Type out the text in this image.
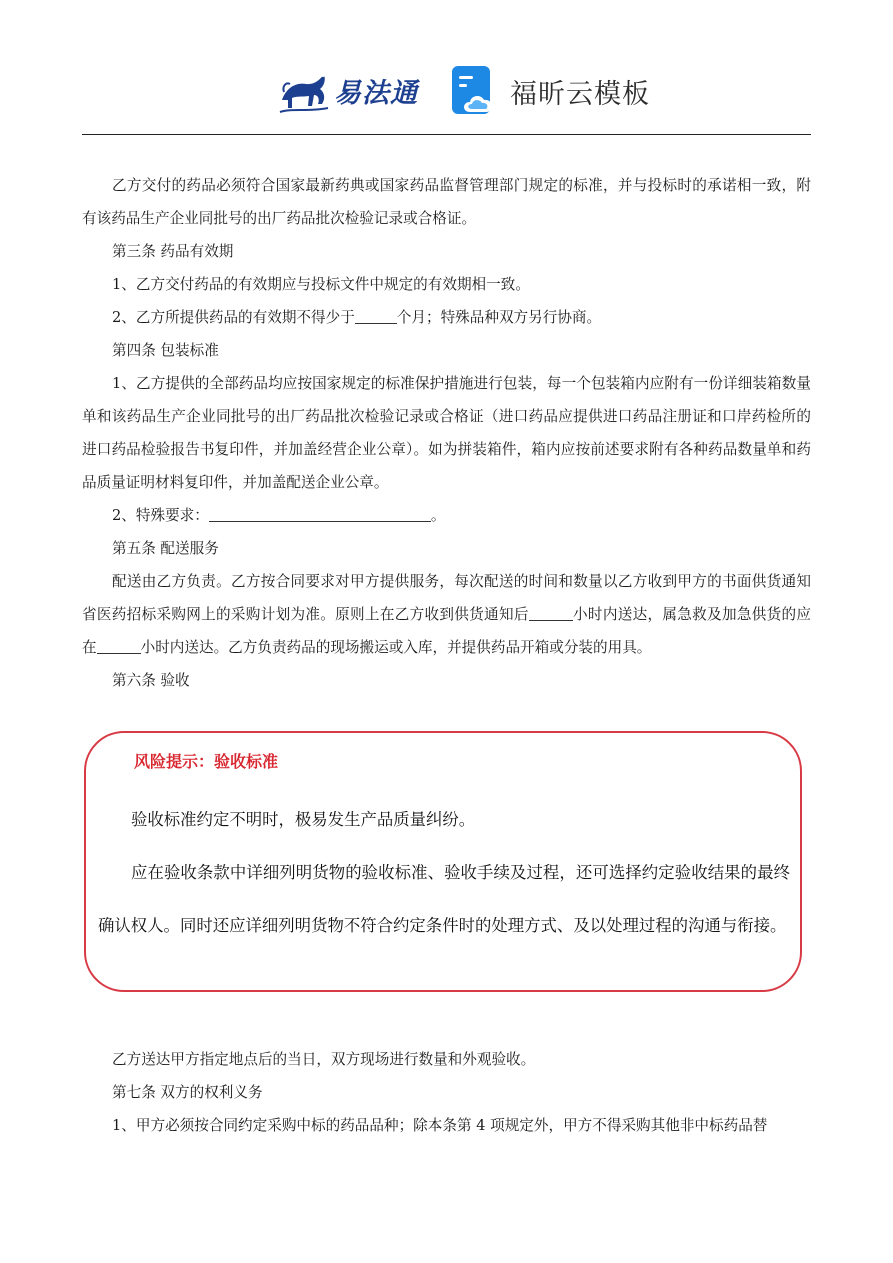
易法通	福昕云模板

乙方交付的药品必须符合国家最新药典或国家药品监督管理部门规定的标准，并与投标时的承诺相一致，附有该药品生产企业同批号的出厂药品批次检验记录或合格证。

第三条 药品有效期

1、乙方交付药品的有效期应与投标文件中规定的有效期相一致。

2、乙方所提供药品的有效期不得少于	个月；特殊品种双方另行协商。

第四条 包装标准

1、乙方提供的全部药品均应按国家规定的标准保护措施进行包装，每一个包装箱内应附有一份详细装箱数量单和该药品生产企业同批号的出厂药品批次检验记录或合格证（进口药品应提供进口药品注册证和口岸药检所的进口药品检验报告书复印件，并加盖经营企业公章）。如为拼装箱件，箱内应按前述要求附有各种药品数量单和药品质量证明材料复印件，并加盖配送企业公章。

2、特殊要求：	。

第五条 配送服务

配送由乙方负责。乙方按合同要求对甲方提供服务，每次配送的时间和数量以乙方收到甲方的书面供货通知省医药招标采购网上的采购计划为准。原则上在乙方收到供货通知后	小时内送达，属急救及加急供货的应在	小时内送达。乙方负责药品的现场搬运或入库，并提供药品开箱或分装的用具。

第六条 验收

风险提示：验收标准

验收标准约定不明时，极易发生产品质量纠纷。

应在验收条款中详细列明货物的验收标准、验收手续及过程，还可选择约定验收结果的最终确认权人。同时还应详细列明货物不符合约定条件时的处理方式、及以处理过程的沟通与衔接。

乙方送达甲方指定地点后的当日，双方现场进行数量和外观验收。

第七条 双方的权利义务

1、甲方必须按合同约定采购中标的药品品种；除本条第 4 项规定外，甲方不得采购其他非中标药品替
